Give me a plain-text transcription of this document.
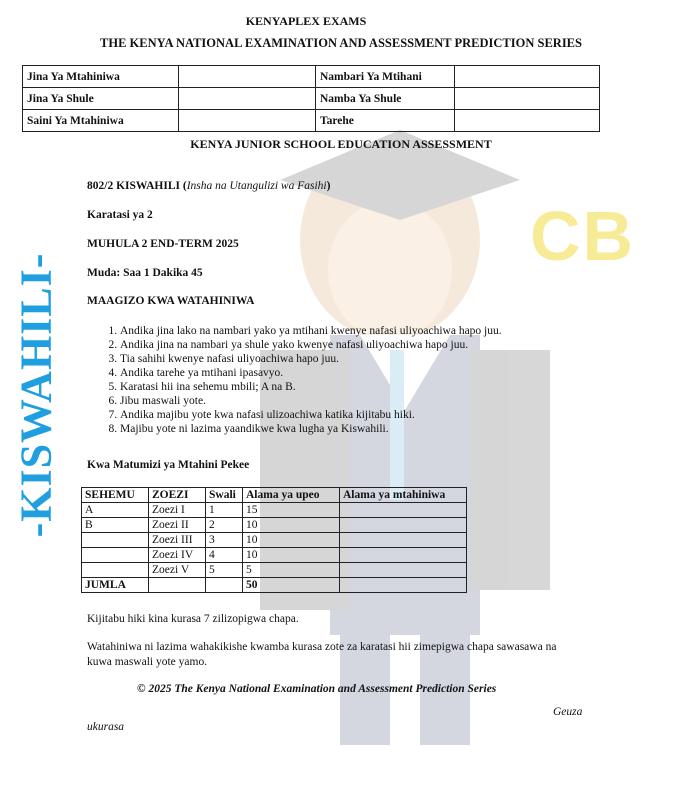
CB
-KISWAHILI-
KENYAPLEX EXAMS
THE KENYA NATIONAL EXAMINATION AND ASSESSMENT PREDICTION SERIES
Jina Ya Mtahiniwa		Nambari Ya Mtihani	
Jina Ya Shule		Namba Ya Shule	
Saini Ya Mtahiniwa		Tarehe	
KENYA JUNIOR SCHOOL EDUCATION ASSESSMENT
802/2 KISWAHILI (Insha na Utangulizi wa Fasihi)
Karatasi ya 2
MUHULA 2 END-TERM 2025
Muda: Saa 1 Dakika 45
MAAGIZO KWA WATAHINIWA
1. Andika jina lako na nambari yako ya mtihani kwenye nafasi uliyoachiwa hapo juu.
2. Andika jina na nambari ya shule yako kwenye nafasi uliyoachiwa hapo juu.
3. Tia sahihi kwenye nafasi uliyoachiwa hapo juu.
4. Andika tarehe ya mtihani ipasavyo.
5. Karatasi hii ina sehemu mbili; A na B.
6. Jibu maswali yote.
7. Andika majibu yote kwa nafasi ulizoachiwa katika kijitabu hiki.
8. Majibu yote ni lazima yaandikwe kwa lugha ya Kiswahili.
Kwa Matumizi ya Mtahini Pekee
SEHEMU	ZOEZI	Swali	Alama ya upeo	Alama ya mtahiniwa
A	Zoezi I	1	15	
B	Zoezi II	2	10	
	Zoezi III	3	10	
	Zoezi IV	4	10	
	Zoezi V	5	5	
JUMLA			50	
Kijitabu hiki kina kurasa 7 zilizopigwa chapa.
Watahiniwa ni lazima wahakikishe kwamba kurasa zote za karatasi hii zimepigwa chapa sawasawa na kuwa maswali yote yamo.
© 2025 The Kenya National Examination and Assessment Prediction Series
Geuza
ukurasa
